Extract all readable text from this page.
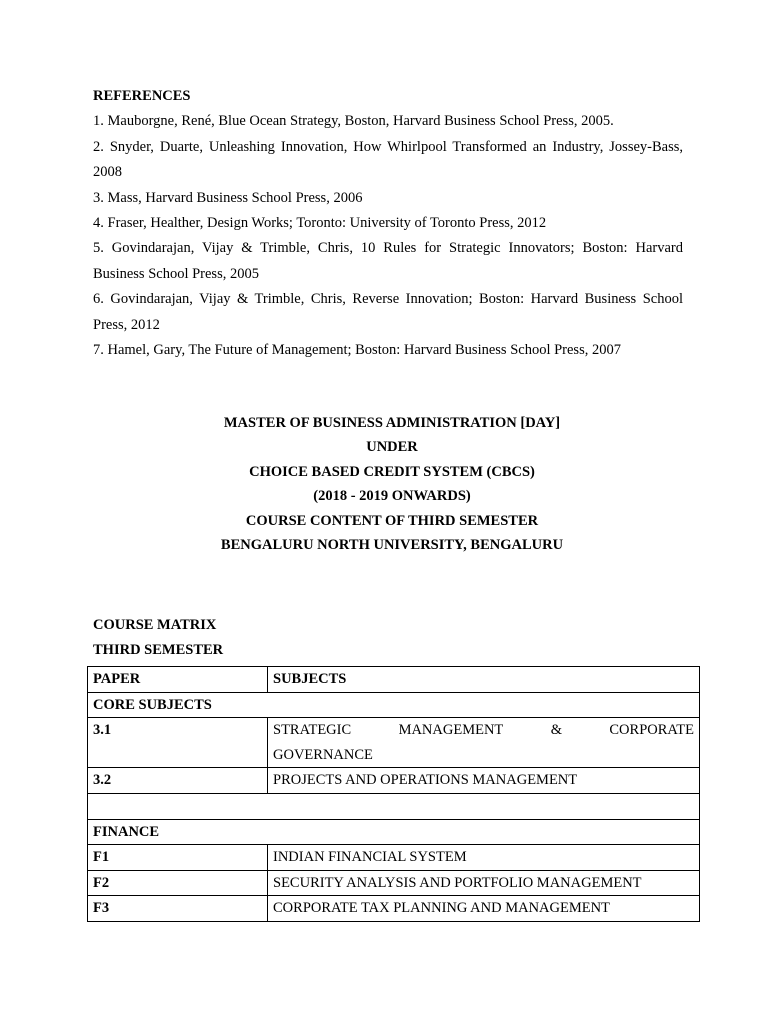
REFERENCES

1. Mauborgne, René, Blue Ocean Strategy, Boston, Harvard Business School Press, 2005.

2. Snyder, Duarte, Unleashing Innovation, How Whirlpool Transformed an Industry, Jossey-Bass, 2008

3. Mass, Harvard Business School Press, 2006

4. Fraser, Healther, Design Works; Toronto: University of Toronto Press, 2012

5. Govindarajan, Vijay & Trimble, Chris, 10 Rules for Strategic Innovators; Boston: Harvard Business School Press, 2005

6. Govindarajan, Vijay & Trimble, Chris, Reverse Innovation; Boston: Harvard Business School Press, 2012

7. Hamel, Gary, The Future of Management; Boston: Harvard Business School Press, 2007

MASTER OF BUSINESS ADMINISTRATION [DAY]

UNDER

CHOICE BASED CREDIT SYSTEM (CBCS)

(2018 - 2019 ONWARDS)

COURSE CONTENT OF THIRD SEMESTER

BENGALURU NORTH UNIVERSITY, BENGALURU

COURSE MATRIX

THIRD SEMESTER

PAPER	SUBJECTS
CORE SUBJECTS	
3.1	STRATEGIC MANAGEMENT & CORPORATE
GOVERNANCE

3.2	PROJECTS AND OPERATIONS MANAGEMENT

FINANCE	
F1	INDIAN FINANCIAL SYSTEM
F2	SECURITY ANALYSIS AND PORTFOLIO MANAGEMENT
F3	CORPORATE TAX PLANNING AND MANAGEMENT
